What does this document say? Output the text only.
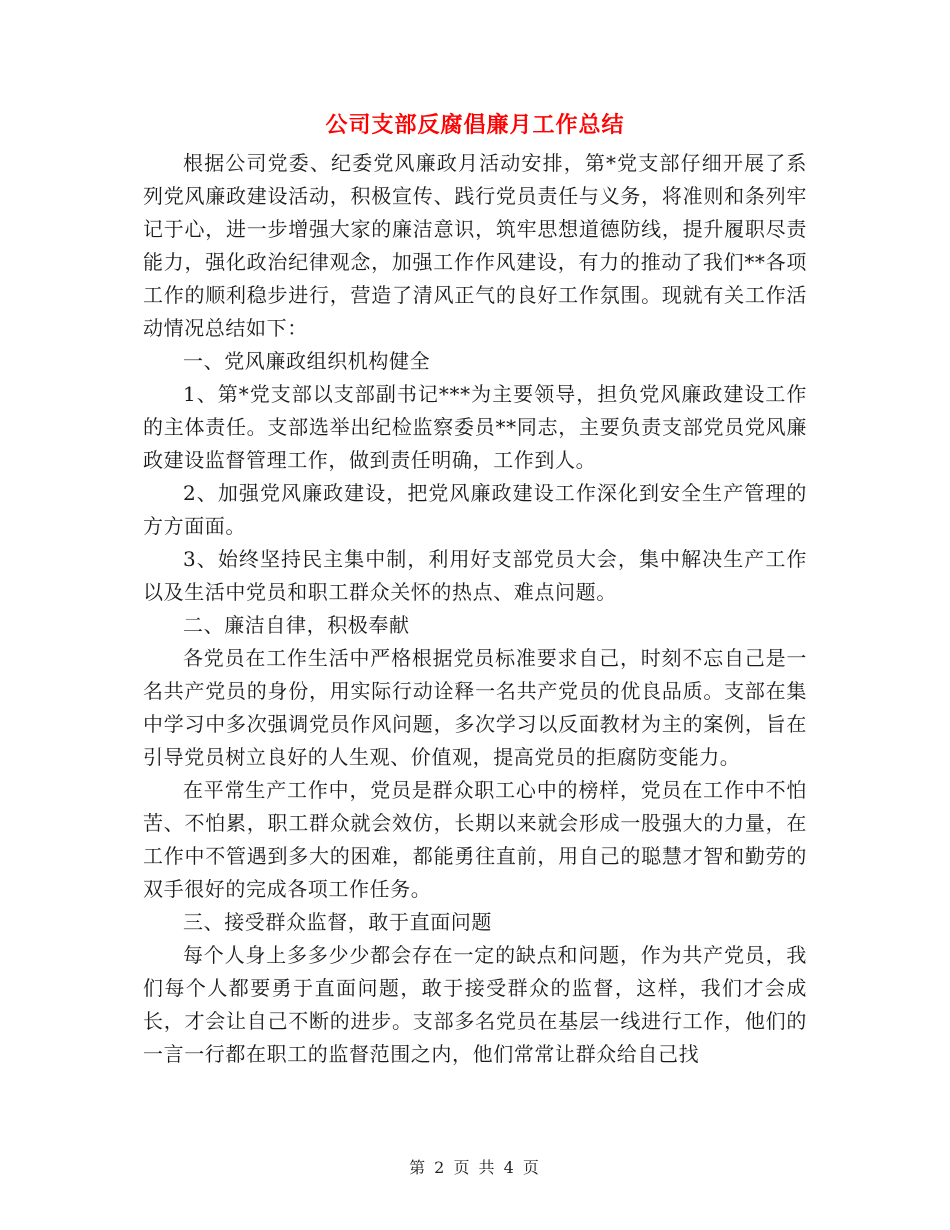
公司支部反腐倡廉月工作总结

根据公司党委、纪委党风廉政月活动安排，第*党支部仔细开展了系列党风廉政建设活动，积极宣传、践行党员责任与义务，将准则和条列牢记于心，进一步增强大家的廉洁意识，筑牢思想道德防线，提升履职尽责能力，强化政治纪律观念，加强工作作风建设，有力的推动了我们**各项工作的顺利稳步进行，营造了清风正气的良好工作氛围。现就有关工作活动情况总结如下：

一、党风廉政组织机构健全

1、第*党支部以支部副书记***为主要领导，担负党风廉政建设工作的主体责任。支部选举出纪检监察委员**同志，主要负责支部党员党风廉政建设监督管理工作，做到责任明确，工作到人。

2、加强党风廉政建设，把党风廉政建设工作深化到安全生产管理的方方面面。

3、始终坚持民主集中制，利用好支部党员大会，集中解决生产工作以及生活中党员和职工群众关怀的热点、难点问题。

二、廉洁自律，积极奉献

各党员在工作生活中严格根据党员标准要求自己，时刻不忘自己是一名共产党员的身份，用实际行动诠释一名共产党员的优良品质。支部在集中学习中多次强调党员作风问题，多次学习以反面教材为主的案例，旨在引导党员树立良好的人生观、价值观，提高党员的拒腐防变能力。

在平常生产工作中，党员是群众职工心中的榜样，党员在工作中不怕苦、不怕累，职工群众就会效仿，长期以来就会形成一股强大的力量，在工作中不管遇到多大的困难，都能勇往直前，用自己的聪慧才智和勤劳的双手很好的完成各项工作任务。

三、接受群众监督，敢于直面问题

每个人身上多多少少都会存在一定的缺点和问题，作为共产党员，我们每个人都要勇于直面问题，敢于接受群众的监督，这样，我们才会成长，才会让自己不断的进步。支部多名党员在基层一线进行工作，他们的一言一行都在职工的监督范围之内，他们常常让群众给自己找

第 2 页 共 4 页
